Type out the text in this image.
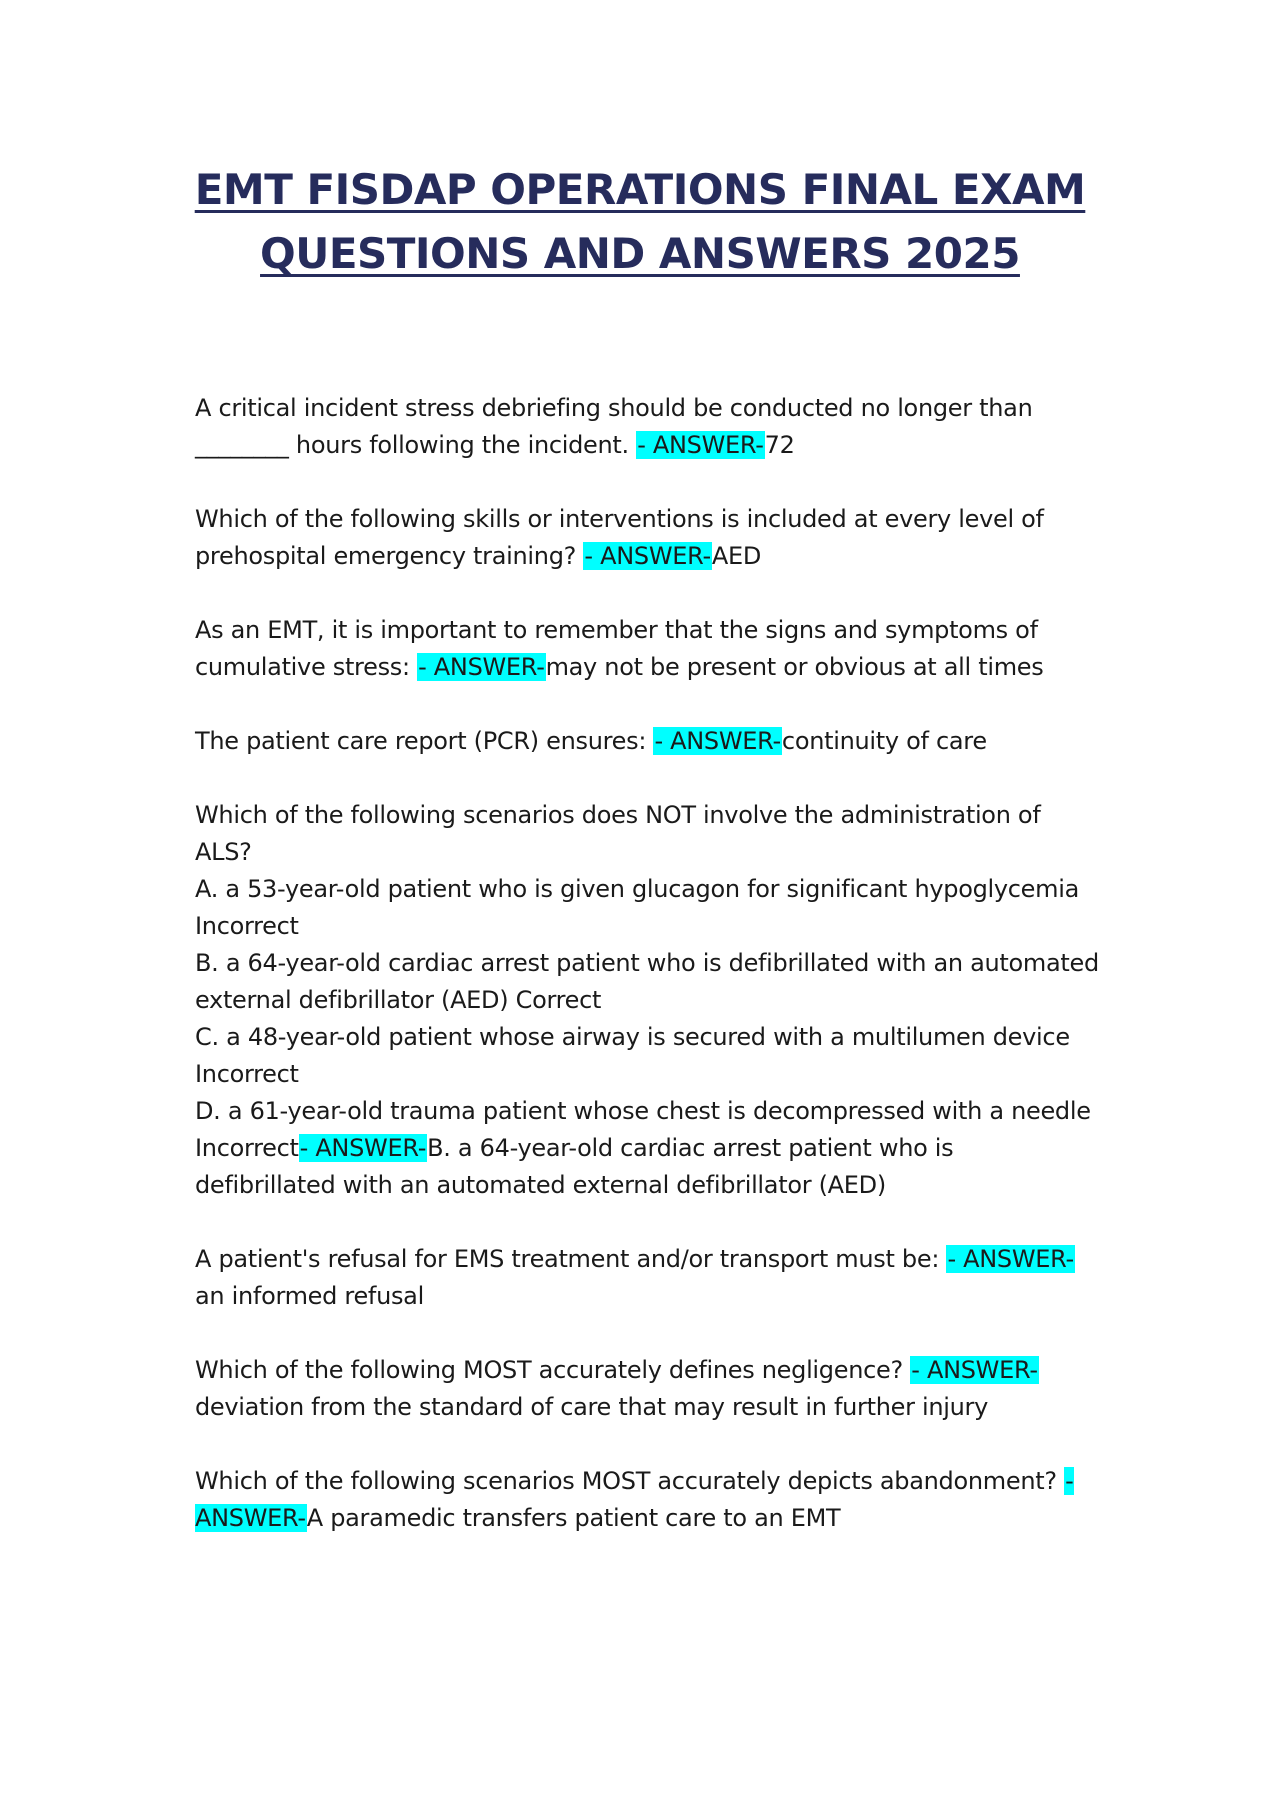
EMT FISDAP OPERATIONS FINAL EXAM
QUESTIONS AND ANSWERS 2025

A critical incident stress debriefing should be conducted no longer than ________ hours following the incident. - ANSWER-72

Which of the following skills or interventions is included at every level of prehospital emergency training? - ANSWER-AED

As an EMT, it is important to remember that the signs and symptoms of cumulative stress: - ANSWER-may not be present or obvious at all times

The patient care report (PCR) ensures: - ANSWER-continuity of care

Which of the following scenarios does NOT involve the administration of ALS?
A. a 53-year-old patient who is given glucagon for significant hypoglycemia Incorrect
B. a 64-year-old cardiac arrest patient who is defibrillated with an automated external defibrillator (AED) Correct
C. a 48-year-old patient whose airway is secured with a multilumen device Incorrect
D. a 61-year-old trauma patient whose chest is decompressed with a needle Incorrect- ANSWER-B. a 64-year-old cardiac arrest patient who is defibrillated with an automated external defibrillator (AED)

A patient's refusal for EMS treatment and/or transport must be: - ANSWER-an informed refusal

Which of the following MOST accurately defines negligence? - ANSWER-deviation from the standard of care that may result in further injury

Which of the following scenarios MOST accurately depicts abandonment? - ANSWER-A paramedic transfers patient care to an EMT
